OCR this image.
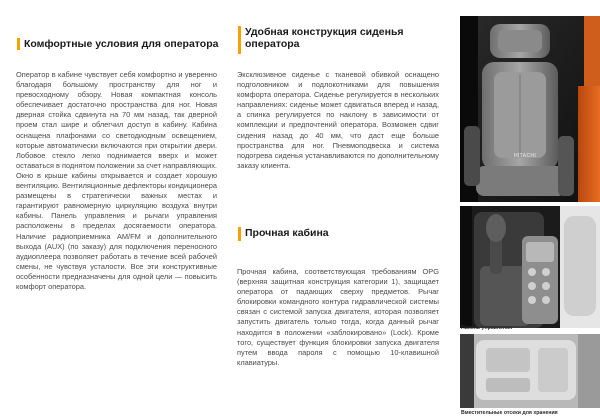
Комфортные условия для оператора
Оператор в кабине чувствует себя комфортно и уверенно благодаря большому пространству для ног и превосходному обзору. Новая компактная консоль обеспечивает достаточно пространства для ног. Новая дверная стойка сдвинута на 70 мм назад, так дверной проем стал шире и облегчил доступ в кабину. Кабина оснащена плафонами со светодиодным освещением, которые автоматически включаются при открытии двери. Лобовое стекло легко поднимается вверх и может оставаться в поднятом положении за счет направляющих. Окно в крыше кабины открывается и создает хорошую вентиляцию. Вентиляционные дефлекторы кондиционера размещены в стратегически важных местах и гарантируют равномерную циркуляцию воздуха внутри кабины. Панель управления и рычаги управления расположены в пределах досягаемости оператора. Наличие радиоприемника AM/FM и дополнительного выхода (AUX) (по заказу) для подключения переносного аудиоплеера позволяет работать в течение всей рабочей смены, не чувствуя усталости. Все эти конструктивные особенности предназначены для одной цели — повысить комфорт оператора.
Удобная конструкция сиденья оператора
Эксклюзивное сиденье с тканевой обивкой оснащено подголовником и подлокотниками для повышения комфорта оператора. Сиденье регулируется в нескольких направлениях: сиденье может сдвигаться вперед и назад, а спинка регулируется по наклону в зависимости от комплекции и предпочтений оператора. Возможен сдвиг сидения назад до 40 мм, что даст еще больше пространства для ног. Пневмоподвеска и система подогрева сиденья устанавливаются по дополнительному заказу клиента.
Прочная кабина
Прочная кабина, соответствующая требованиям OPG (верхняя защитная конструкция категории 1), защищает оператора от падающих сверху предметов. Рычаг блокировки командного контура гидравлической системы связан с системой запуска двигателя, которая позволяет запустить двигатель только тогда, когда данный рычаг находится в положении «заблокировано» (Lock). Кроме того, существует функция блокировки запуска двигателя путем ввода пароля с помощью 10-клавишной клавиатуры.
HITACHI
Панель управления
Вместительные отсеки для хранения
